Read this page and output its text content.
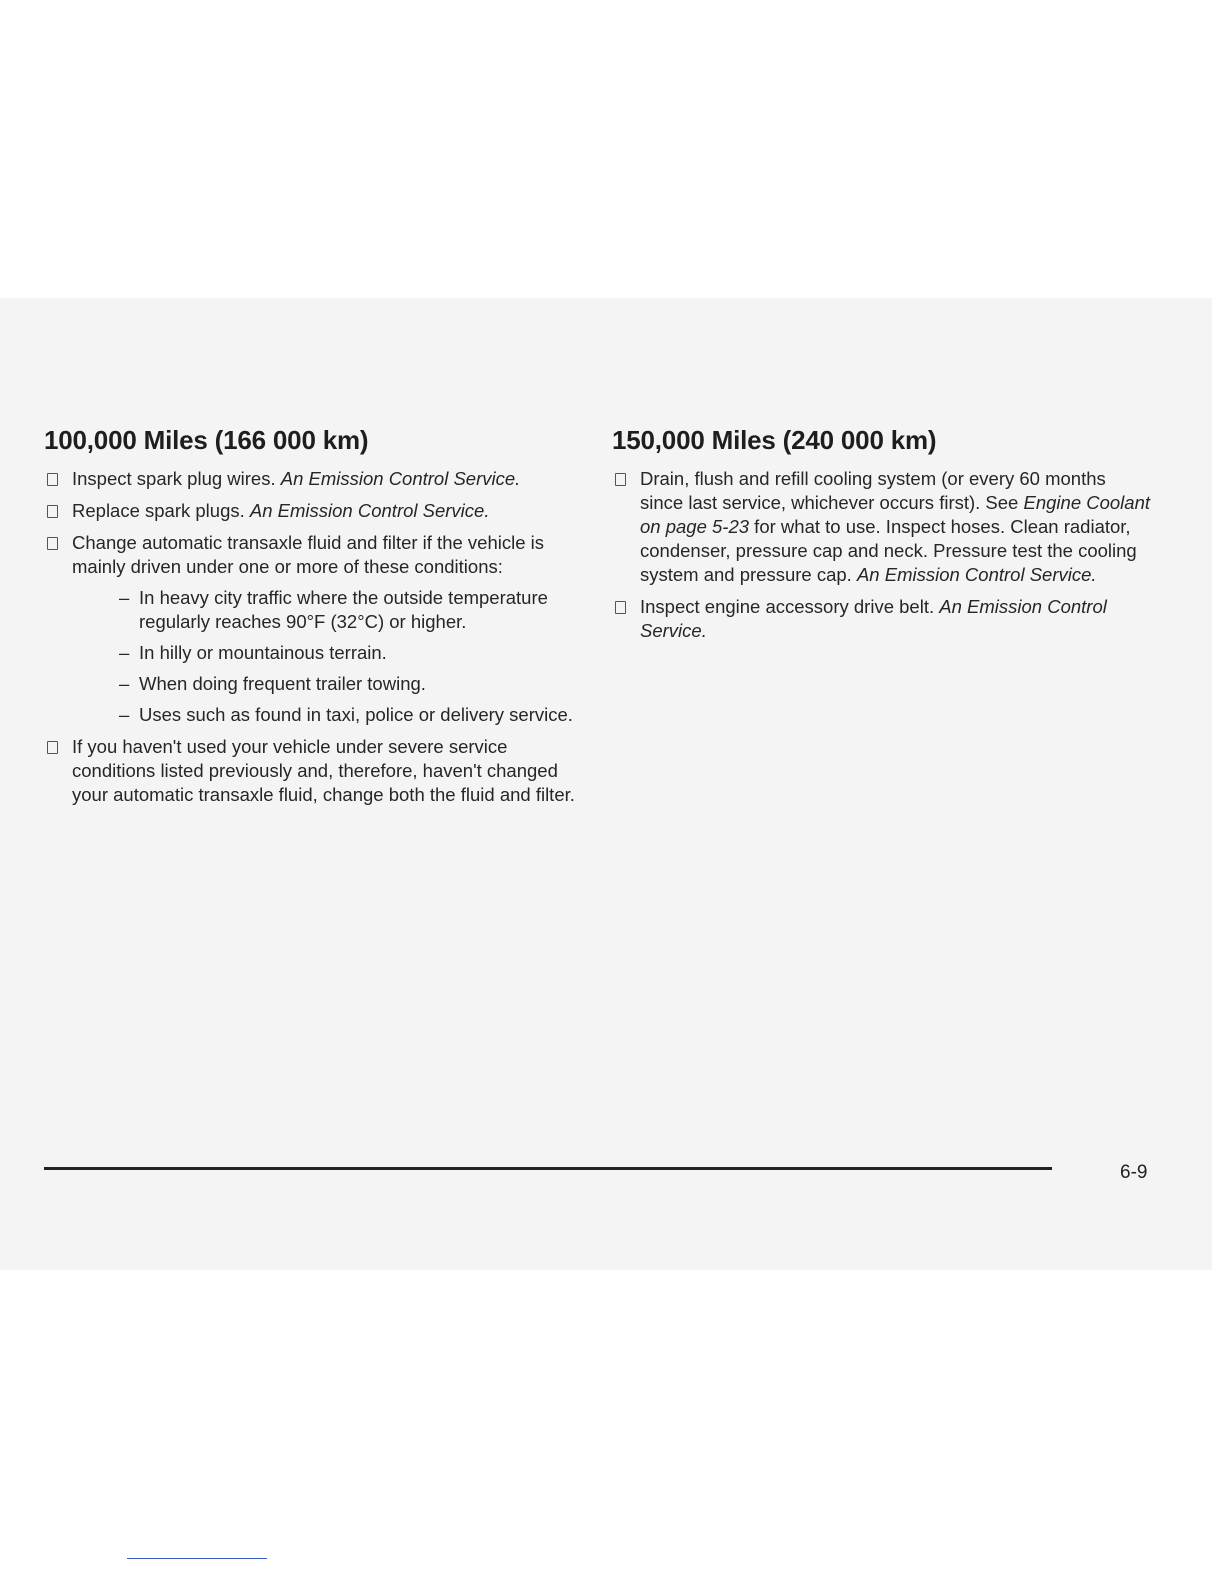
100,000 Miles (166 000 km)
Inspect spark plug wires. An Emission Control Service.
Replace spark plugs. An Emission Control Service.
Change automatic transaxle fluid and filter if the vehicle is mainly driven under one or more of these conditions:
– In heavy city traffic where the outside temperature regularly reaches 90°F (32°C) or higher.
– In hilly or mountainous terrain.
– When doing frequent trailer towing.
– Uses such as found in taxi, police or delivery service.
If you haven't used your vehicle under severe service conditions listed previously and, therefore, haven't changed your automatic transaxle fluid, change both the fluid and filter.
150,000 Miles (240 000 km)
Drain, flush and refill cooling system (or every 60 months since last service, whichever occurs first). See Engine Coolant on page 5-23 for what to use. Inspect hoses. Clean radiator, condenser, pressure cap and neck. Pressure test the cooling system and pressure cap. An Emission Control Service.
Inspect engine accessory drive belt. An Emission Control Service.
6-9
